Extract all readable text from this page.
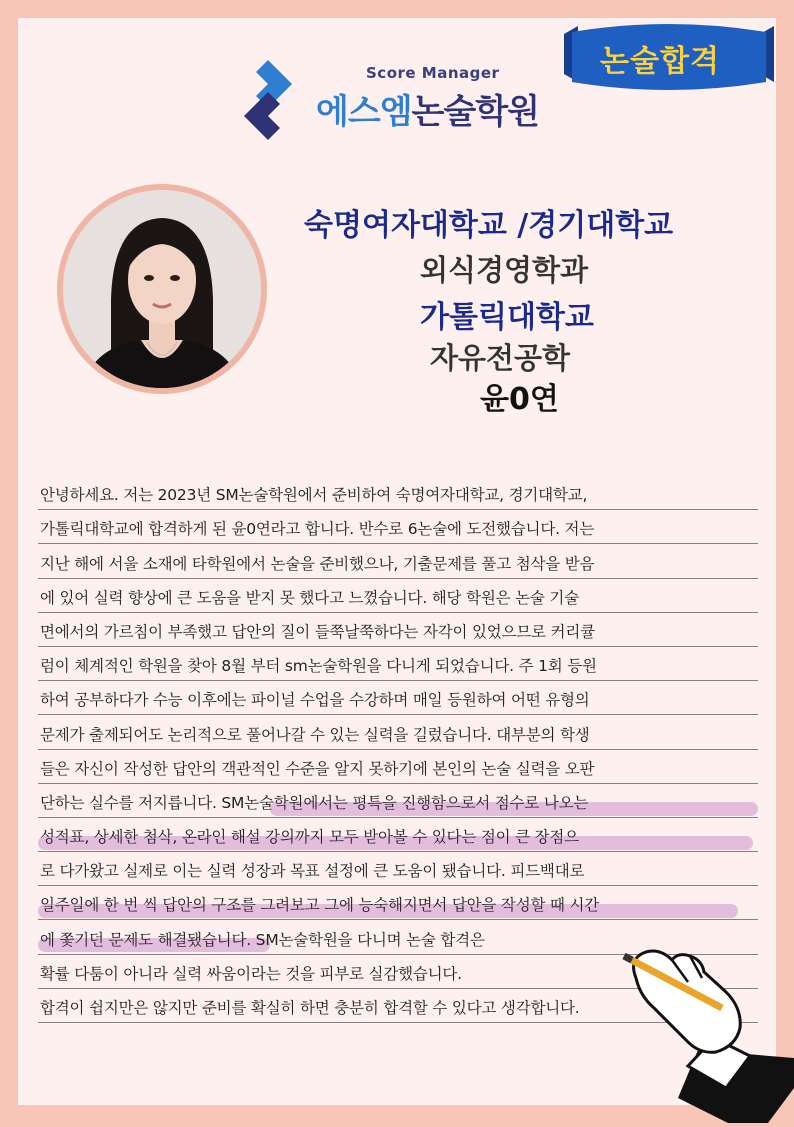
논술합격
Score Manager
에스엠논술학원
숙명여자대학교 /경기대학교
외식경영학과
가톨릭대학교
자유전공학
윤0연
안녕하세요. 저는 2023년 SM논술학원에서 준비하여 숙명여자대학교, 경기대학교,
가톨릭대학교에 합격하게 된 윤0연라고 합니다. 반수로 6논술에 도전했습니다. 저는
지난 해에 서울 소재에 타학원에서 논술을 준비했으나, 기출문제를 풀고 첨삭을 받음
에 있어 실력 향상에 큰 도움을 받지 못 했다고 느꼈습니다. 해당 학원은 논술 기술
면에서의 가르침이 부족했고 답안의 질이 들쭉날쭉하다는 자각이 있었으므로 커리큘
럼이 체계적인 학원을 찾아 8월 부터 sm논술학원을 다니게 되었습니다. 주 1회 등원
하여 공부하다가 수능 이후에는 파이널 수업을 수강하며 매일 등원하여 어떤 유형의
문제가 출제되어도 논리적으로 풀어나갈 수 있는 실력을 길렀습니다. 대부분의 학생
들은 자신이 작성한 답안의 객관적인 수준을 알지 못하기에 본인의 논술 실력을 오판
단하는 실수를 저지릅니다. SM논술학원에서는 평특을 진행함으로서 점수로 나오는
성적표, 상세한 첨삭, 온라인 해설 강의까지 모두 받아볼 수 있다는 점이 큰 장점으
로 다가왔고 실제로 이는 실력 성장과 목표 설정에 큰 도움이 됐습니다. 피드백대로
일주일에 한 번 씩 답안의 구조를 그려보고 그에 능숙해지면서 답안을 작성할 때 시간
에 쫓기던 문제도 해결됐습니다. SM논술학원을 다니며 논술 합격은
확률 다툼이 아니라 실력 싸움이라는 것을 피부로 실감했습니다.
합격이 쉽지만은 않지만 준비를 확실히 하면 충분히 합격할 수 있다고 생각합니다.
